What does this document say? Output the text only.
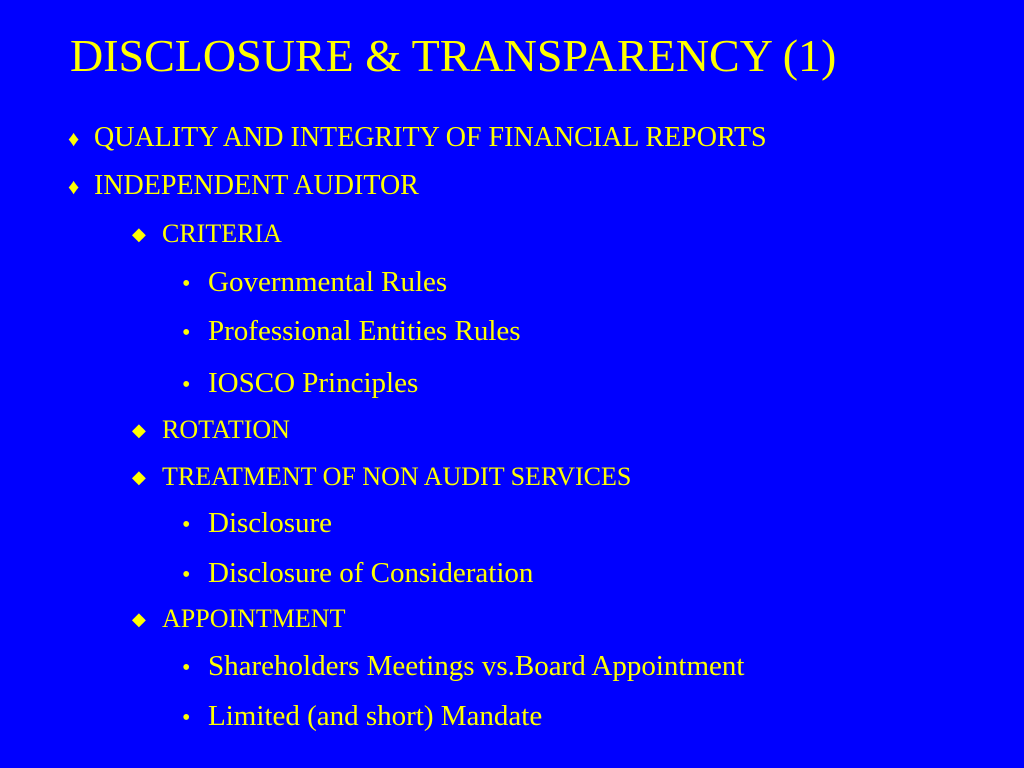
DISCLOSURE & TRANSPARENCY (1)
♦ QUALITY AND INTEGRITY OF FINANCIAL REPORTS
♦ INDEPENDENT AUDITOR
◆ CRITERIA
• Governmental Rules
• Professional Entities Rules
• IOSCO Principles
◆ ROTATION
◆ TREATMENT OF NON AUDIT SERVICES
• Disclosure
• Disclosure of Consideration
◆ APPOINTMENT
• Shareholders Meetings vs.Board Appointment
• Limited (and short) Mandate
